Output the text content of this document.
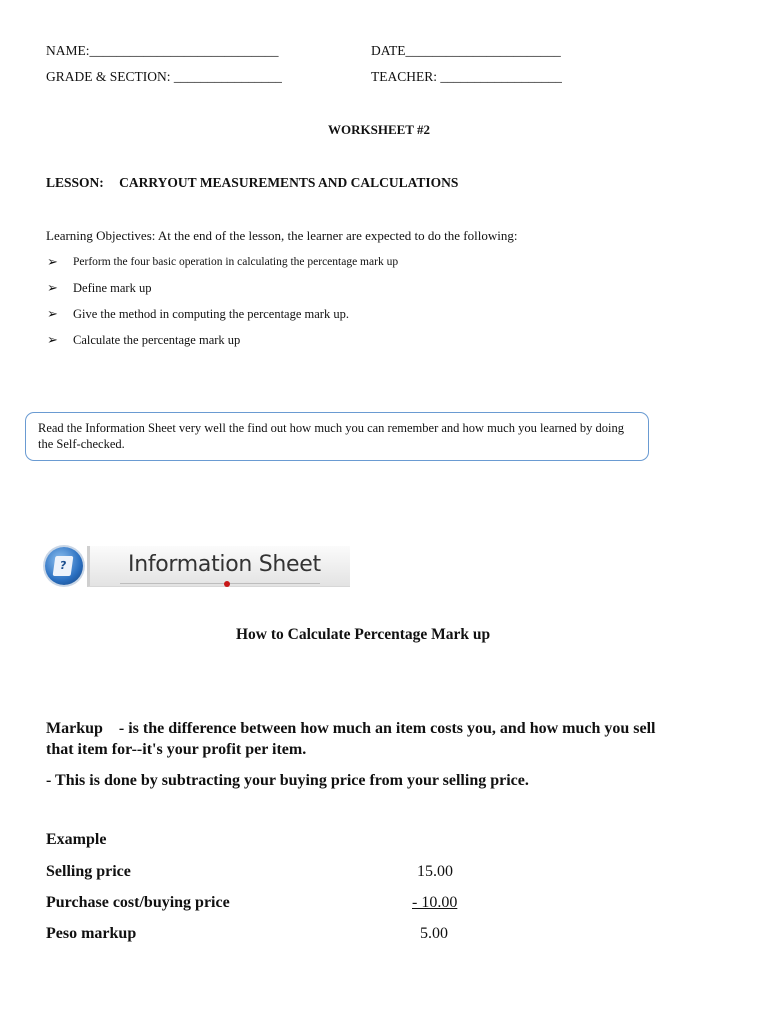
NAME:____________________________	DATE_______________________
GRADE & SECTION: ________________	TEACHER: __________________
WORKSHEET #2
LESSON: CARRYOUT MEASUREMENTS AND CALCULATIONS
Learning Objectives: At the end of the lesson, the learner are expected to do the following:
➢	Perform the four basic operation in calculating the percentage mark up
➢	Define mark up
➢	Give the method in computing the percentage mark up.
➢	Calculate the percentage mark up
Read the Information Sheet very well the find out how much you can remember and how much you learned by doing the Self-checked.
?	Information Sheet
How to Calculate Percentage Mark up
Markup    - is the difference between how much an item costs you, and how much you sell
that item for--it's your profit per item.
- This is done by subtracting your buying price from your selling price.
Example
Selling price	15.00
Purchase cost/buying price	- 10.00
Peso markup	5.00
